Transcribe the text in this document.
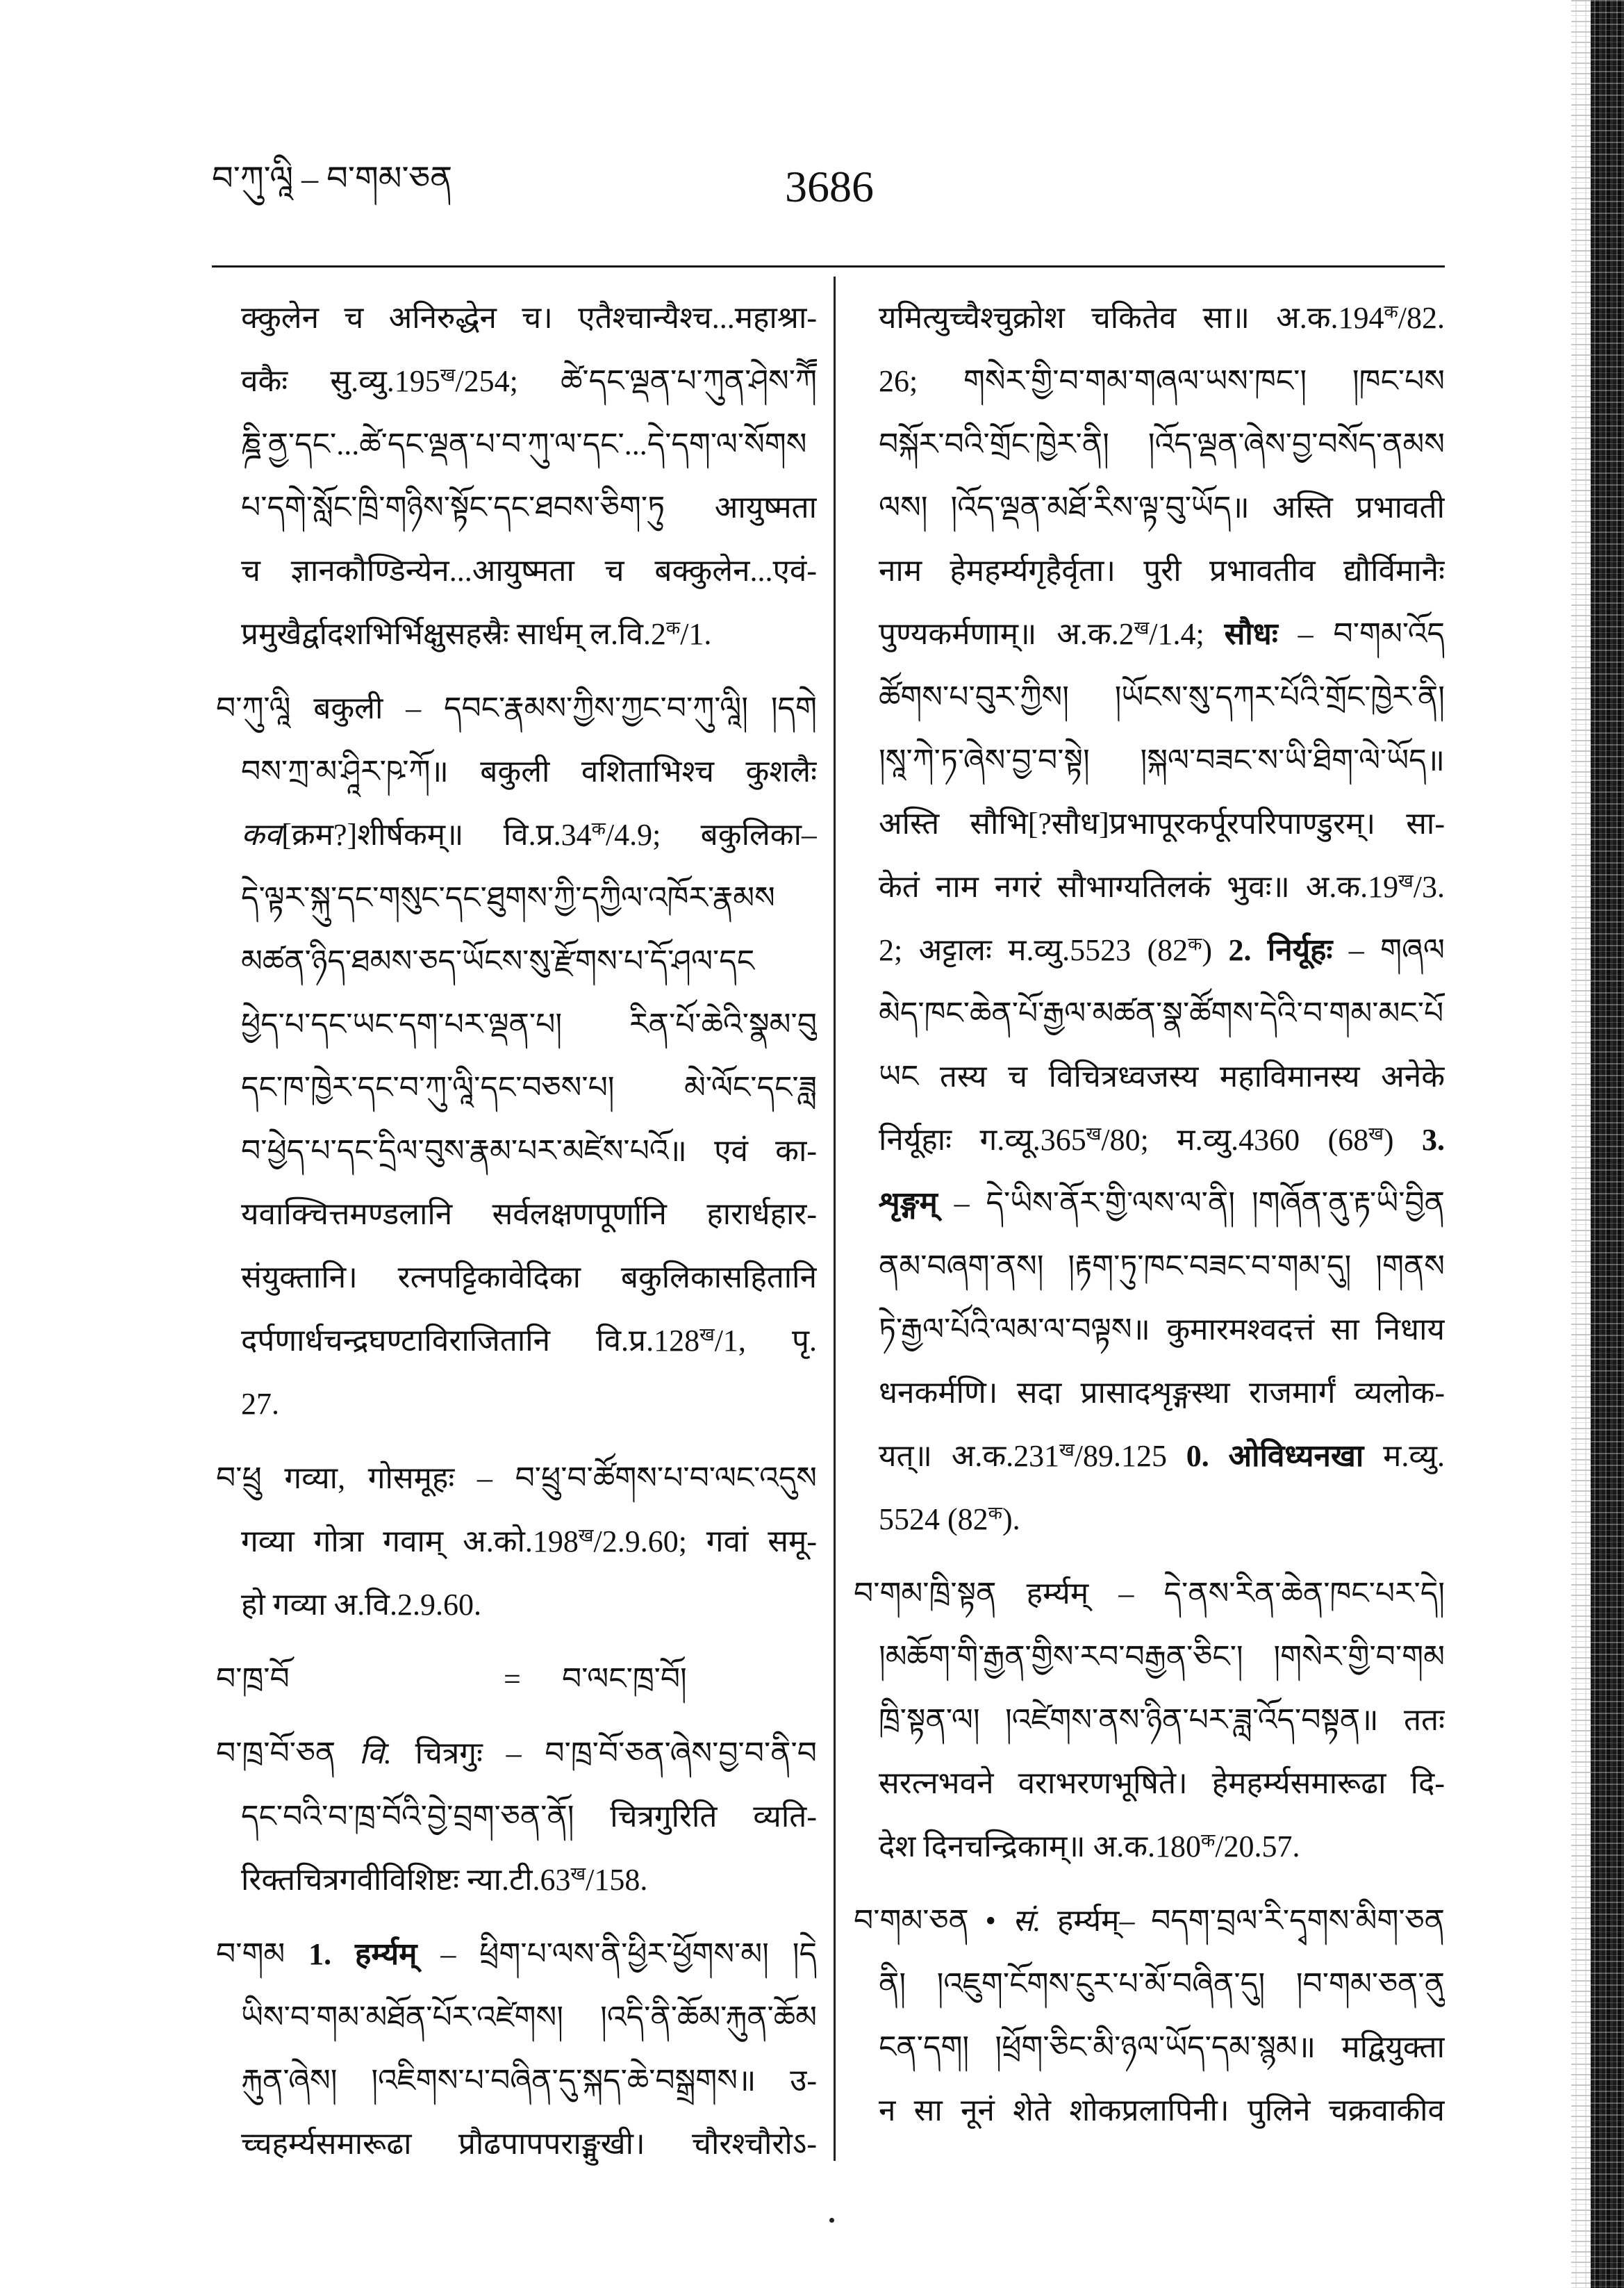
བ་ཀུ་ལཱི – བ་གམ་ཅན	3686
क्कुलेन च अनिरुद्धेन च। एतैश्चान्यैश्च...महाश्रा-
वकैः $सु.व्यु.195^ख/254$; ཚེ་དང་ལྡན་པ་ཀུན་ཤེས་ཀཽ
ཎྜི་ནྱ་དང་...ཚེ་དང་ལྡན་པ་བ་ཀུ་ལ་དང་...དེ་དག་ལ་སོགས
པ་དགེ་སློང་ཁྲི་གཉིས་སྟོང་དང་ཐབས་ཅིག་ཏུ आयुष्मता
च ज्ञानकौण्डिन्येन...आयुष्मता च बक्कुलेन...एवं-
प्रमुखैर्द्वादशभिर्भिक्षुसहस्रैः सार्धम् $ल.वि.2^क/1$.
བ་ཀུ་ལཱི बकुली – དབང་རྣམས་ཀྱིས་ཀྱང་བ་ཀུ་ལཱི། །དགེ
བས་ཀྲ་མ་ཤཱིར་ཥ་ཀོ॥ बकुली वशिताभिश्च कुशलैः
कव[क्रम?]शीर्षकम्॥ $वि.प्र.34^क/4.9$; बकुलिका–
དེ་ལྟར་སྐུ་དང་གསུང་དང་ཐུགས་ཀྱི་དཀྱིལ་འཁོར་རྣམས
མཚན་ཉིད་ཐམས་ཅད་ཡོངས་སུ་རྫོགས་པ་དོ་ཤལ་དང
ཕྱེད་པ་དང་ཡང་དག་པར་ལྡན་པ། རིན་པོ་ཆེའི་སྣམ་བུ
དང་ཁ་ཁྱེར་དང་བ་ཀུ་ལཱི་དང་བཅས་པ། མེ་ལོང་དང་ཟླ
བ་ཕྱེད་པ་དང་དྲིལ་བུས་རྣམ་པར་མཛེས་པའོ॥ एवं का-
यवाक्चित्तमण्डलानि सर्वलक्षणपूर्णानि हारार्धहार-
संयुक्तानि। रत्नपट्टिकावेदिका बकुलिकासहितानि
दर्पणार्धचन्द्रघण्टाविराजितानि $वि.प्र.128^ख/1$, पृ.
27.
བ་ཕྲུ गव्या, गोसमूहः – བ་ཕྲུ་བ་ཚོགས་པ་བ་ལང་འདུས
गव्या गोत्रा गवाम् $अ.को.198^ख/2.9.60$; गवां समू-
हो गव्या अ.वि.2.9.60.
བ་ཁྲ་བོ	= བ་ལང་ཁྲ་བོ།
བ་ཁྲ་བོ་ཅན वि. चित्रगुः – བ་ཁྲ་བོ་ཅན་ཞེས་བྱ་བ་ནི་བ
དང་བའི་བ་ཁྲ་བོའི་བྱེ་བྲག་ཅན་ནོ། चित्रगुरिति व्यति-
रिक्तचित्रगवीविशिष्टः $न्या.टी.63^ख/158$.
བ་གམ 1. हर्म्यम् – ཕྲིག་པ་ལས་ནི་ཕྱིར་ཕྱོགས་མ། །དེ
ཡིས་བ་གམ་མཐོན་པོར་འཛེགས། །འདི་ནི་ཆོམ་རྐུན་ཆོམ
རྐུན་ཞེས། །འཇིགས་པ་བཞིན་དུ་སྐད་ཆེ་བསྒྲགས॥ उ-
च्चहर्म्यसमारूढा प्रौढपापपराङ्मुखी। चौरश्चौरोऽ-
यमित्युच्चैश्चुक्रोश चकितेव सा॥ $अ.क.194^क/82$.
26; གསེར་གྱི་བ་གམ་གཞལ་ཡས་ཁང་། །ཁང་པས
བསྐོར་བའི་གྲོང་ཁྱེར་ནི། །འོད་ལྡན་ཞེས་བྱ་བསོད་ནམས
ལས། །འོད་ལྡན་མཐོ་རིས་ལྟ་བུ་ཡོད॥ अस्ति प्रभावती
नाम हेमहर्म्यगृहैर्वृता। पुरी प्रभावतीव द्यौर्विमानैः
पुण्यकर्मणाम्॥ $अ.क.2^ख/1.4$; सौधः – བ་གམ་འོད
ཚོགས་པ་བུར་ཀྱིས། །ཡོངས་སུ་དཀར་པོའི་གྲོང་ཁྱེར་ནི།
།སཱ་ཀེ་ཏ་ཞེས་བྱ་བ་སྟེ། །སྐལ་བཟང་ས་ཡི་ཐིག་ལེ་ཡོད॥
अस्ति सौभि[?सौध]प्रभापूरकर्पूरपरिपाण्डुरम्। सा-
केतं नाम नगरं सौभाग्यतिलकं भुवः॥ $अ.क.19^ख/3$.
2; अट्टालः म.व्यु.5523 $(82^क)$ 2. निर्यूहः – གཞལ
མེད་ཁང་ཆེན་པོ་རྒྱལ་མཚན་སྣ་ཚོགས་དེའི་བ་གམ་མང་པོ
ཡང तस्य च विचित्रध्वजस्य महाविमानस्य अनेके
निर्यूहाः $ग.व्यू.365^ख/80$; म.व्यु.4360 $(68^ख)$ 3.
शृङ्गम् – དེ་ཡིས་ནོར་གྱི་ལས་ལ་ནི། །གཞོན་ནུ་རྟ་ཡི་བྱིན
ནམ་བཞག་ནས། །རྟག་ཏུ་ཁང་བཟང་བ་གམ་དུ། །གནས
ཏེ་རྒྱལ་པོའི་ལམ་ལ་བལྟས॥ कुमारमश्वदत्तं सा निधाय
धनकर्मणि। सदा प्रासादशृङ्गस्था राजमार्गं व्यलोक-
यत्॥ $अ.क.231^ख/89.125$ 0. ओविध्यनखा म.व्यु.
5524 $(82^क)$.
བ་གམ་ཁྲི་སྟན हर्म्यम् – དེ་ནས་རིན་ཆེན་ཁང་པར་དེ།
།མཆོག་གི་རྒྱན་གྱིས་རབ་བརྒྱན་ཅིང་། །གསེར་གྱི་བ་གམ
ཁྲི་སྟན་ལ། །འཛེགས་ནས་ཉིན་པར་ཟླ་འོད་བསྟན॥ ततः
सरत्नभवने वराभरणभूषिते। हेमहर्म्यसमारूढा दि-
देश दिनचन्द्रिकाम्॥ $अ.क.180^क/20.57$.
བ་གམ་ཅན • सं. हर्म्यम्– བདག་བྲལ་རི་དྭགས་མིག་ཅན
ནི། །འཇུག་ངོགས་ངུར་པ་མོ་བཞིན་དུ། །བ་གམ་ཅན་ནུ
ངན་དག། །ཕྲོག་ཅིང་མི་ཉལ་ཡོད་དམ་སྙམ॥ मद्वियुक्ता
न सा नूनं शेते शोकप्रलापिनी। पुलिने चक्रवाकीव
